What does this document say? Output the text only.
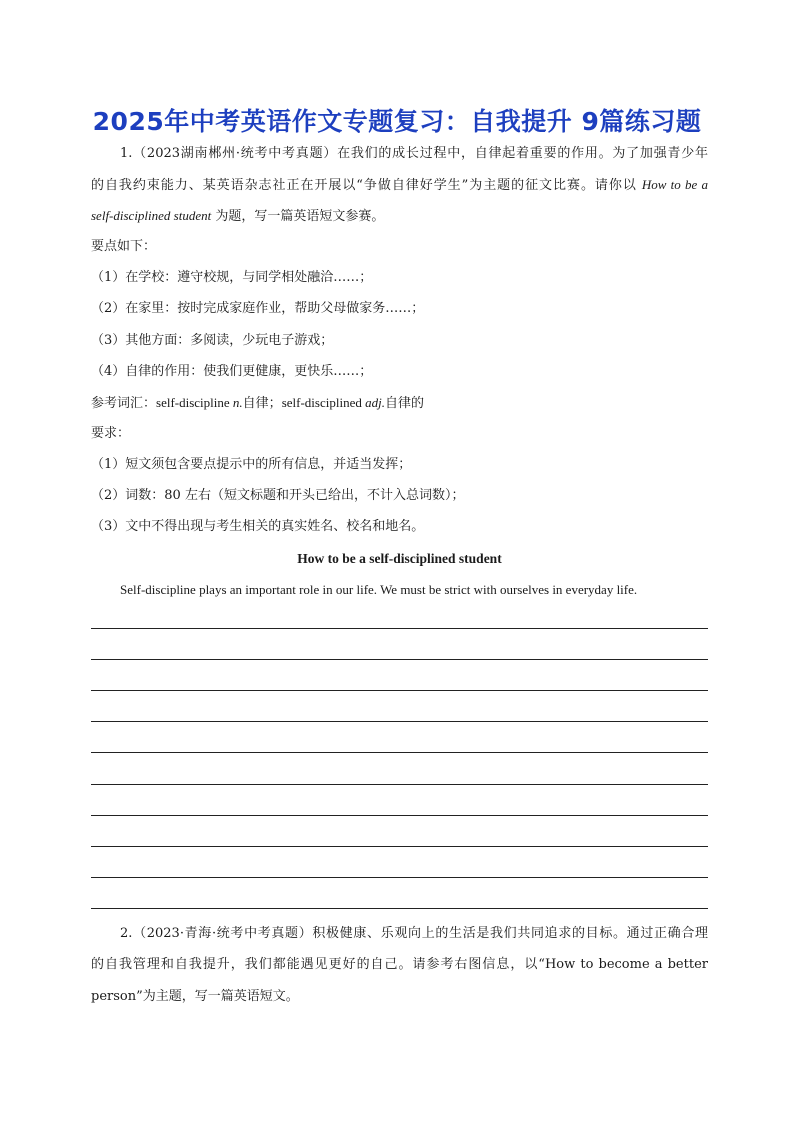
2025年中考英语作文专题复习：自我提升 9篇练习题
1.（2023湖南郴州·统考中考真题）在我们的成长过程中，自律起着重要的作用。为了加强青少年
的自我约束能力、某英语杂志社正在开展以“争做自律好学生”为主题的征文比赛。请你以 How to be a
self-disciplined student 为题，写一篇英语短文参赛。
要点如下：
（1）在学校：遵守校规，与同学相处融洽……；
（2）在家里：按时完成家庭作业，帮助父母做家务……；
（3）其他方面：多阅读，少玩电子游戏；
（4）自律的作用：使我们更健康，更快乐……；
参考词汇：self-discipline n.自律；self-disciplined adj.自律的
要求：
（1）短文须包含要点提示中的所有信息，并适当发挥；
（2）词数：80 左右（短文标题和开头已给出，不计入总词数）；
（3）文中不得出现与考生相关的真实姓名、校名和地名。
How to be a self-disciplined student
Self-discipline plays an important role in our life. We must be strict with ourselves in everyday life.
2.（2023·青海·统考中考真题）积极健康、乐观向上的生活是我们共同追求的目标。通过正确合理
的自我管理和自我提升，我们都能遇见更好的自己。请参考右图信息，以“How to become a better
person”为主题，写一篇英语短文。
